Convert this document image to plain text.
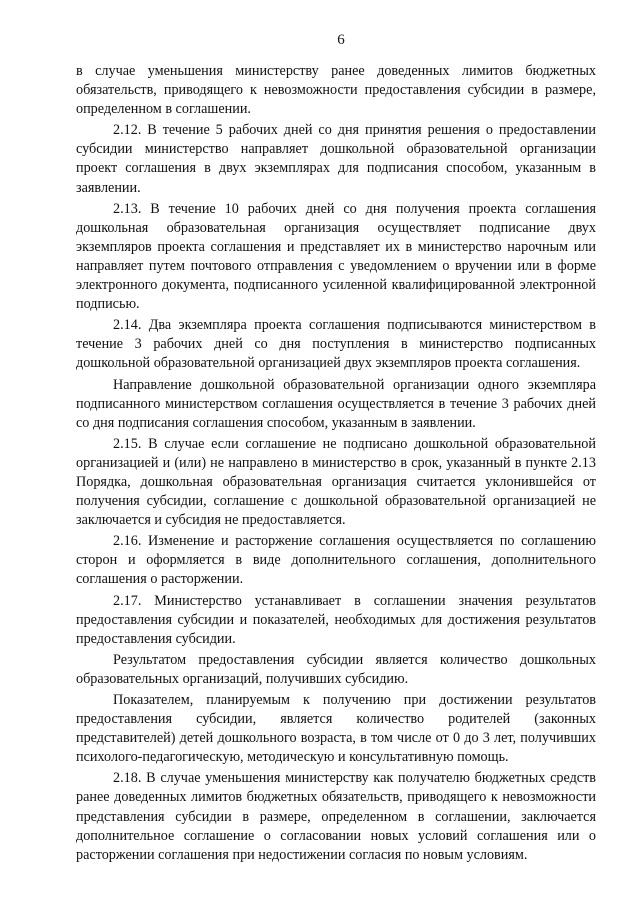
6

в случае уменьшения министерству ранее доведенных лимитов бюджетных обязательств, приводящего к невозможности предоставления субсидии в размере, определенном в соглашении.

2.12. В течение 5 рабочих дней со дня принятия решения о предоставлении субсидии министерство направляет дошкольной образовательной организации проект соглашения в двух экземплярах для подписания способом, указанным в заявлении.

2.13. В течение 10 рабочих дней со дня получения проекта соглашения дошкольная образовательная организация осуществляет подписание двух экземпляров проекта соглашения и представляет их в министерство нарочным или направляет путем почтового отправления с уведомлением о вручении или в форме электронного документа, подписанного усиленной квалифицированной электронной подписью.

2.14. Два экземпляра проекта соглашения подписываются министерством в течение 3 рабочих дней со дня поступления в министерство подписанных дошкольной образовательной организацией двух экземпляров проекта соглашения.

Направление дошкольной образовательной организации одного экземпляра подписанного министерством соглашения осуществляется в течение 3 рабочих дней со дня подписания соглашения способом, указанным в заявлении.

2.15. В случае если соглашение не подписано дошкольной образовательной организацией и (или) не направлено в министерство в срок, указанный в пункте 2.13 Порядка, дошкольная образовательная организация считается уклонившейся от получения субсидии, соглашение с дошкольной образовательной организацией не заключается и субсидия не предоставляется.

2.16. Изменение и расторжение соглашения осуществляется по соглашению сторон и оформляется в виде дополнительного соглашения, дополнительного соглашения о расторжении.

2.17. Министерство устанавливает в соглашении значения результатов предоставления субсидии и показателей, необходимых для достижения результатов предоставления субсидии.

Результатом предоставления субсидии является количество дошкольных образовательных организаций, получивших субсидию.

Показателем, планируемым к получению при достижении результатов предоставления субсидии, является количество родителей (законных представителей) детей дошкольного возраста, в том числе от 0 до 3 лет, получивших психолого-педагогическую, методическую и консультативную помощь.

2.18. В случае уменьшения министерству как получателю бюджетных средств ранее доведенных лимитов бюджетных обязательств, приводящего к невозможности представления субсидии в размере, определенном в соглашении, заключается дополнительное соглашение о согласовании новых условий соглашения или о расторжении соглашения при недостижении согласия по новым условиям.
